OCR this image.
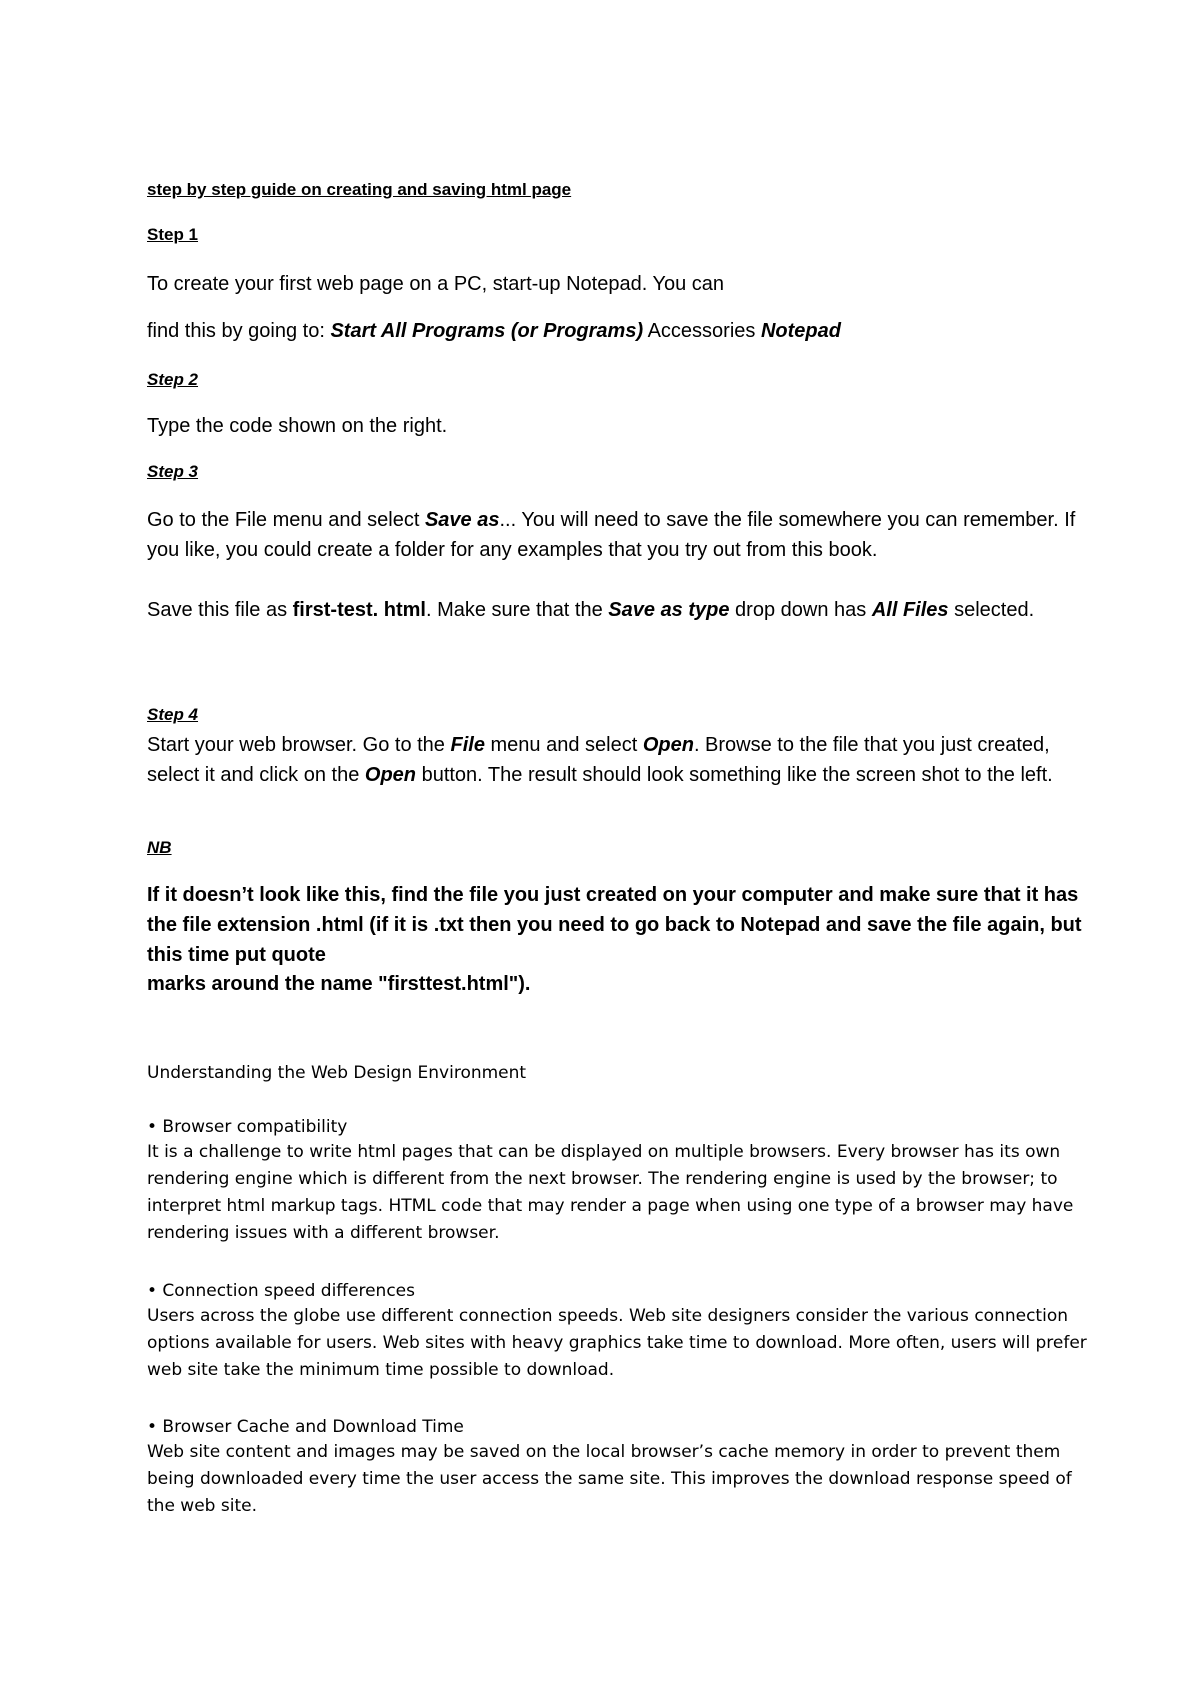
step by step guide on creating and saving html page

Step 1

To create your first web page on a PC, start-up Notepad. You can

find this by going to: Start All Programs (or Programs) Accessories Notepad

Step 2

Type the code shown on the right.

Step 3

Go to the File menu and select Save as... You will need to save the file somewhere you can remember. If you like, you could create a folder for any examples that you try out from this book.

Save this file as first-test. html. Make sure that the Save as type drop down has All Files selected.

Step 4

Start your web browser. Go to the File menu and select Open. Browse to the file that you just created, select it and click on the Open button. The result should look something like the screen shot to the left.

NB

If it doesn’t look like this, find the file you just created on your computer and make sure that it has the file extension .html (if it is .txt then you need to go back to Notepad and save the file again, but this time put quote

marks around the name "firsttest.html").

Understanding the Web Design Environment

• Browser compatibility

It is a challenge to write html pages that can be displayed on multiple browsers. Every browser has its own rendering engine which is different from the next browser. The rendering engine is used by the browser; to interpret html markup tags. HTML code that may render a page when using one type of a browser may have rendering issues with a different browser.

• Connection speed differences

Users across the globe use different connection speeds. Web site designers consider the various connection options available for users. Web sites with heavy graphics take time to download. More often, users will prefer web site take the minimum time possible to download.

• Browser Cache and Download Time

Web site content and images may be saved on the local browser’s cache memory in order to prevent them being downloaded every time the user access the same site. This improves the download response speed of the web site.
